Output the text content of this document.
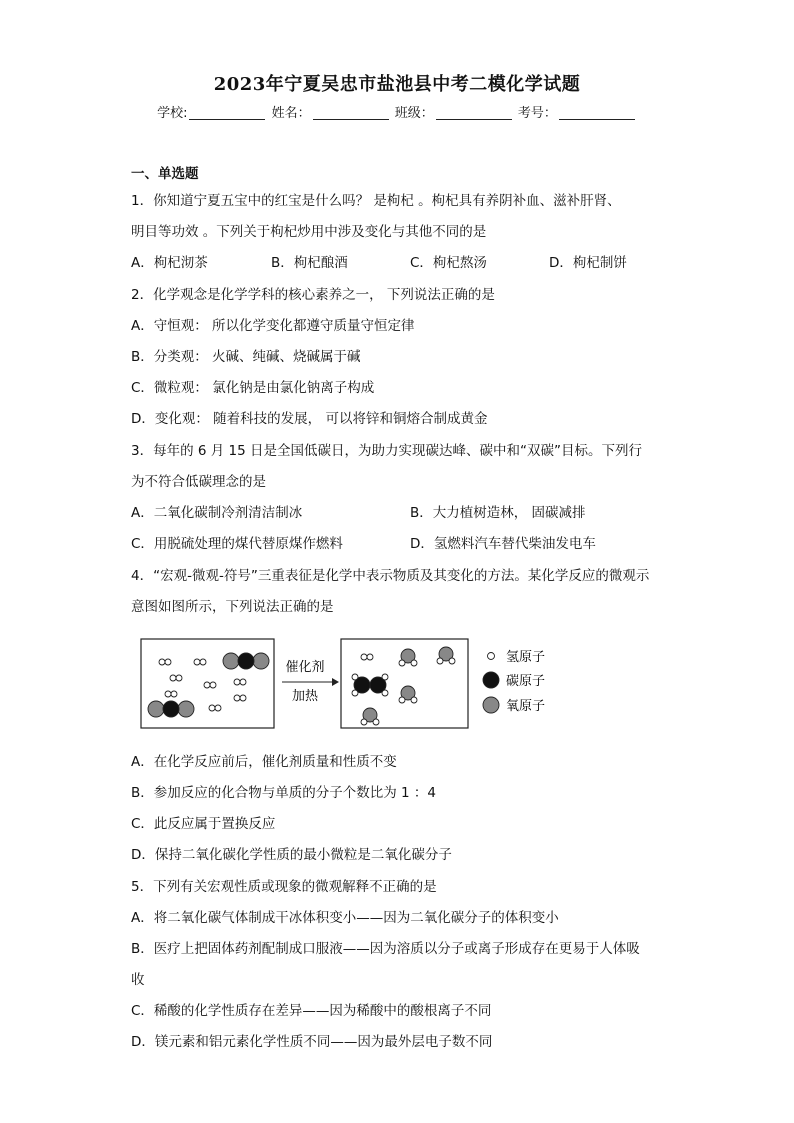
2023年宁夏吴忠市盐池县中考二模化学试题
学校:	姓名：	班级：	考号：
一、单选题
1．你知道宁夏五宝中的红宝是什么吗？ 是枸杞 。枸杞具有养阴补血、滋补肝肾、
明目等功效 。下列关于枸杞炒用中涉及变化与其他不同的是
A．枸杞沏茶	B．枸杞酿酒	C．枸杞熬汤	D．枸杞制饼
2．化学观念是化学学科的核心素养之一， 下列说法正确的是
A．守恒观： 所以化学变化都遵守质量守恒定律
B．分类观： 火碱、纯碱、烧碱属于碱
C．微粒观： 氯化钠是由氯化钠离子构成
D．变化观： 随着科技的发展， 可以将锌和铜熔合制成黄金
3．每年的 6 月 15 日是全国低碳日，为助力实现碳达峰、碳中和“双碳”目标。下列行
为不符合低碳理念的是
A．二氧化碳制冷剂清洁制冰	B．大力植树造林， 固碳减排
C．用脱硫处理的煤代替原煤作燃料	D．氢燃料汽车替代柴油发电车
4．“宏观-微观-符号”三重表征是化学中表示物质及其变化的方法。某化学反应的微观示
意图如图所示，下列说法正确的是
催化剂
加热
氢原子
碳原子
氧原子
A．在化学反应前后，催化剂质量和性质不变
B．参加反应的化合物与单质的分子个数比为 1 ：4
C．此反应属于置换反应
D．保持二氧化碳化学性质的最小微粒是二氧化碳分子
5．下列有关宏观性质或现象的微观解释不正确的是
A．将二氧化碳气体制成干冰体积变小——因为二氧化碳分子的体积变小
B．医疗上把固体药剂配制成口服液——因为溶质以分子或离子形成存在更易于人体吸
收
C．稀酸的化学性质存在差异——因为稀酸中的酸根离子不同
D．镁元素和铝元素化学性质不同——因为最外层电子数不同
